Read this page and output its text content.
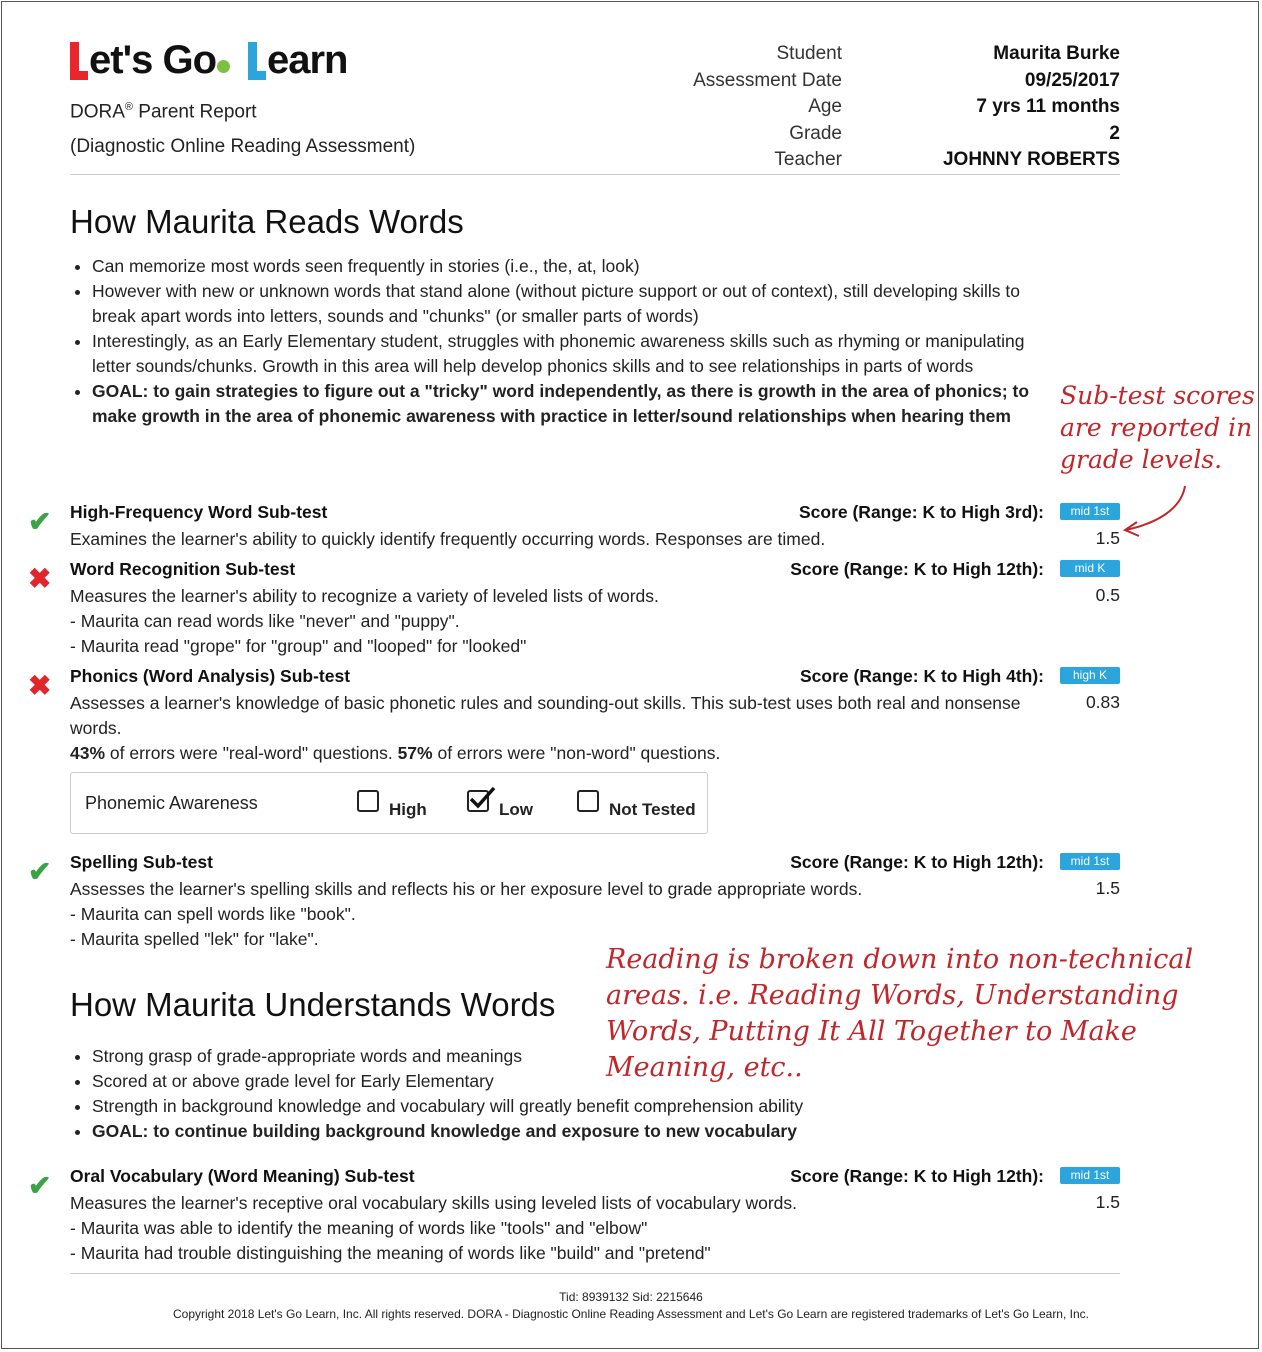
et's Go earn
DORA® Parent Report
(Diagnostic Online Reading Assessment)
Student	Maurita Burke
Assessment Date	09/25/2017
Age	7 yrs 11 months
Grade	2
Teacher	JOHNNY ROBERTS
How Maurita Reads Words
• Can memorize most words seen frequently in stories (i.e., the, at, look)
• However with new or unknown words that stand alone (without picture support or out of context), still developing skills to break apart words into letters, sounds and "chunks" (or smaller parts of words)
• Interestingly, as an Early Elementary student, struggles with phonemic awareness skills such as rhyming or manipulating letter sounds/chunks. Growth in this area will help develop phonics skills and to see relationships in parts of words
• GOAL: to gain strategies to figure out a "tricky" word independently, as there is growth in the area of phonics; to make growth in the area of phonemic awareness with practice in letter/sound relationships when hearing them
✔ High-Frequency Word Sub-test	Score (Range: K to High 3rd):	mid 1st
1.5
Examines the learner's ability to quickly identify frequently occurring words. Responses are timed.
✖ Word Recognition Sub-test	Score (Range: K to High 12th):	mid K
0.5
Measures the learner's ability to recognize a variety of leveled lists of words.
- Maurita can read words like "never" and "puppy".
- Maurita read "grope" for "group" and "looped" for "looked"
✖ Phonics (Word Analysis) Sub-test	Score (Range: K to High 4th):	high K
0.83
Assesses a learner's knowledge of basic phonetic rules and sounding-out skills. This sub-test uses both real and nonsense
words.
43% of errors were "real-word" questions. 57% of errors were "non-word" questions.
✔ Spelling Sub-test	Score (Range: K to High 12th):	mid 1st
1.5
Assesses the learner's spelling skills and reflects his or her exposure level to grade appropriate words.
- Maurita can spell words like "book".
- Maurita spelled "lek" for "lake".
Phonemic Awareness	High	Low	Not Tested
How Maurita Understands Words
• Strong grasp of grade-appropriate words and meanings
• Scored at or above grade level for Early Elementary
• Strength in background knowledge and vocabulary will greatly benefit comprehension ability
• GOAL: to continue building background knowledge and exposure to new vocabulary
✔ Oral Vocabulary (Word Meaning) Sub-test	Score (Range: K to High 12th):	mid 1st
1.5
Measures the learner's receptive oral vocabulary skills using leveled lists of vocabulary words.
- Maurita was able to identify the meaning of words like "tools" and "elbow"
- Maurita had trouble distinguishing the meaning of words like "build" and "pretend"
Sub-test scores
are reported in
grade levels.
Reading is broken down into non-technical
areas. i.e. Reading Words, Understanding
Words, Putting It All Together to Make
Meaning, etc..
Tid: 8939132 Sid: 2215646
Copyright 2018 Let's Go Learn, Inc. All rights reserved. DORA - Diagnostic Online Reading Assessment and Let's Go Learn are registered trademarks of Let's Go Learn, Inc.
